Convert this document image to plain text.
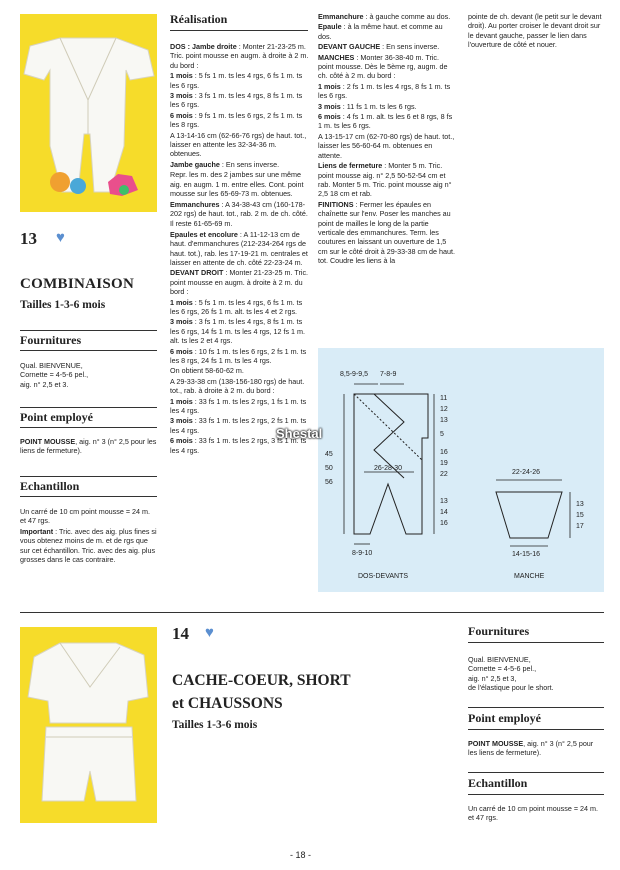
13 ♥
COMBINAISON
Tailles 1-3-6 mois
Fournitures
Qual. BIENVENUE,
Cornette = 4-5-6 pel.,
aig. n° 2,5 et 3.
Point employé
POINT MOUSSE, aig. n° 3 (n° 2,5 pour les liens de fermeture).
Echantillon
Un carré de 10 cm point mousse = 24 m. et 47 rgs.
Important : Tric. avec des aig. plus fines si vous obtenez moins de m. et de rgs que sur cet échantillon. Tric. avec des aig. plus grosses dans le cas contraire.
Réalisation
DOS : Jambe droite : Monter 21-23-25 m. Tric. point mousse en augm. à droite à 2 m. du bord :
1 mois : 5 fs 1 m. ts les 4 rgs, 6 fs 1 m. ts les 6 rgs.
3 mois : 3 fs 1 m. ts les 4 rgs, 8 fs 1 m. ts les 6 rgs.
6 mois : 9 fs 1 m. ts les 6 rgs, 2 fs 1 m. ts les 8 rgs.
A 13-14-16 cm (62-66-76 rgs) de haut. tot., laisser en attente les 32-34-36 m. obtenues.
Jambe gauche : En sens inverse.
Repr. les m. des 2 jambes sur une même aig. en augm. 1 m. entre elles. Cont. point mousse sur les 65-69-73 m. obtenues.
Emmanchures : A 34-38-43 cm (160-178-202 rgs) de haut. tot., rab. 2 m. de ch. côté.
Il reste 61-65-69 m.
Epaules et encolure : A 11-12-13 cm de haut. d'emmanchures (212-234-264 rgs de haut. tot.), rab. les 17-19-21 m. centrales et laisser en attente de ch. côté 22-23-24 m.
DEVANT DROIT : Monter 21-23-25 m. Tric. point mousse en augm. à droite à 2 m. du bord :
1 mois : 5 fs 1 m. ts les 4 rgs, 6 fs 1 m. ts les 6 rgs, 26 fs 1 m. alt. ts les 4 et 2 rgs.
3 mois : 3 fs 1 m. ts les 4 rgs, 8 fs 1 m. ts les 6 rgs, 14 fs 1 m. ts les 4 rgs, 12 fs 1 m. alt. ts les 2 et 4 rgs.
6 mois : 10 fs 1 m. ts les 6 rgs, 2 fs 1 m. ts les 8 rgs, 24 fs 1 m. ts les 4 rgs.
On obtient 58-60-62 m.
A 29-33-38 cm (138-156-180 rgs) de haut. tot., rab. à droite à 2 m. du bord :
1 mois : 33 fs 1 m. ts les 2 rgs, 1 fs 1 m. ts les 4 rgs.
3 mois : 33 fs 1 m. ts les 2 rgs, 2 fs 1 m. ts les 4 rgs.
6 mois : 33 fs 1 m. ts les 2 rgs, 3 fs 1 m. ts les 4 rgs.
Emmanchure : à gauche comme au dos.
Epaule : à la même haut. et comme au dos.
DEVANT GAUCHE : En sens inverse.
MANCHES : Monter 36-38-40 m. Tric. point mousse. Dès le 5ème rg, augm. de ch. côté à 2 m. du bord :
1 mois : 2 fs 1 m. ts les 4 rgs, 8 fs 1 m. ts les 6 rgs.
3 mois : 11 fs 1 m. ts les 6 rgs.
6 mois : 4 fs 1 m. alt. ts les 6 et 8 rgs, 8 fs 1 m. ts les 6 rgs.
A 13-15-17 cm (62-70-80 rgs) de haut. tot., laisser les 56-60-64 m. obtenues en attente.
Liens de fermeture : Monter 5 m. Tric. point mousse aig. n° 2,5 50-52-54 cm et rab. Monter 5 m. Tric. point mousse aig n° 2,5 18 cm et rab.
FINITIONS : Fermer les épaules en chaînette sur l'env. Poser les manches au point de mailles le long de la partie verticale des emmanchures. Term. les coutures en laissant un ouverture de 1,5 cm sur le côté droit à 29-33-38 cm de haut. tot. Coudre les liens à la
pointe de ch. devant (le petit sur le devant droit). Au porter croiser le devant droit sur le devant gauche, passer le lien dans l'ouverture de côté et nouer.
8,5-9-9,5 7-8-9
45
50
56
26-28-30
8-9-10
DOS-DEVANTS
11
12
13
5
16
19
22
13
14
16
22-24-26
13
15
17
14-15-16
MANCHE
Shestal
14 ♥
CACHE-COEUR, SHORT
et CHAUSSONS
Tailles 1-3-6 mois
Fournitures
Qual. BIENVENUE,
Cornette = 4-5-6 pel.,
aig. n° 2,5 et 3,
de l'élastique pour le short.
Point employé
POINT MOUSSE, aig. n° 3 (n° 2,5 pour les liens de fermeture).
Echantillon
Un carré de 10 cm point mousse = 24 m. et 47 rgs.
- 18 -
